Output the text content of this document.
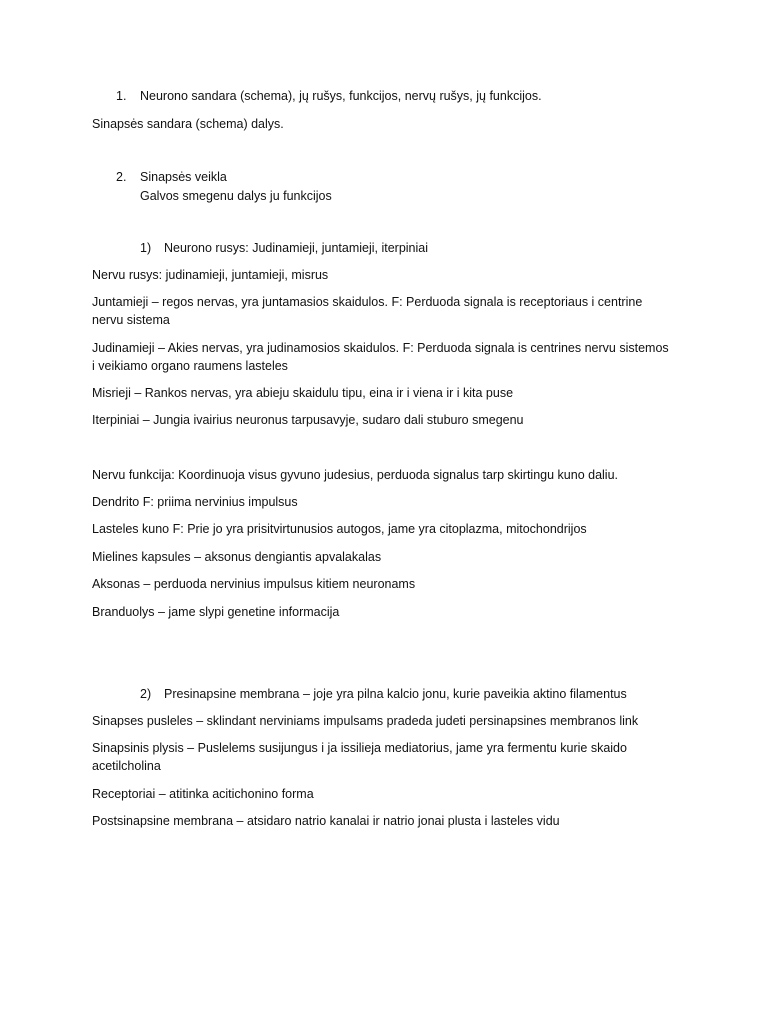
1. Neurono sandara (schema), jų rušys, funkcijos, nervų rušys, jų funkcijos.
Sinapsės sandara (schema) dalys.
2. Sinapsės veikla
Galvos smegenu dalys ju funkcijos
1) Neurono rusys: Judinamieji, juntamieji, iterpiniai
Nervu rusys: judinamieji, juntamieji, misrus
Juntamieji – regos nervas, yra juntamasios skaidulos. F: Perduoda signala is receptoriaus i centrine nervu sistema
Judinamieji – Akies nervas, yra judinamosios skaidulos. F: Perduoda signala is centrines nervu sistemos i veikiamo organo raumens lasteles
Misrieji – Rankos nervas, yra abieju skaidulu tipu, eina ir i viena ir i kita puse
Iterpiniai – Jungia ivairius neuronus tarpusavyje, sudaro dali stuburo smegenu
Nervu funkcija: Koordinuoja visus gyvuno judesius, perduoda signalus tarp skirtingu kuno daliu.
Dendrito F: priima nervinius impulsus
Lasteles kuno F: Prie jo yra prisitvirtunusios autogos, jame yra citoplazma, mitochondrijos
Mielines kapsules – aksonus dengiantis apvalakalas
Aksonas – perduoda nervinius impulsus kitiem neuronams
Branduolys – jame slypi genetine informacija
2) Presinapsine membrana – joje yra pilna kalcio jonu, kurie paveikia aktino filamentus
Sinapses pusleles – sklindant nerviniams impulsams pradeda judeti persinapsines membranos link
Sinapsinis plysis – Puslelems susijungus i ja issilieja mediatorius, jame yra fermentu kurie skaido acetilcholina
Receptoriai – atitinka acitichonino forma
Postsinapsine membrana – atsidaro natrio kanalai ir natrio jonai plusta i lasteles vidu
